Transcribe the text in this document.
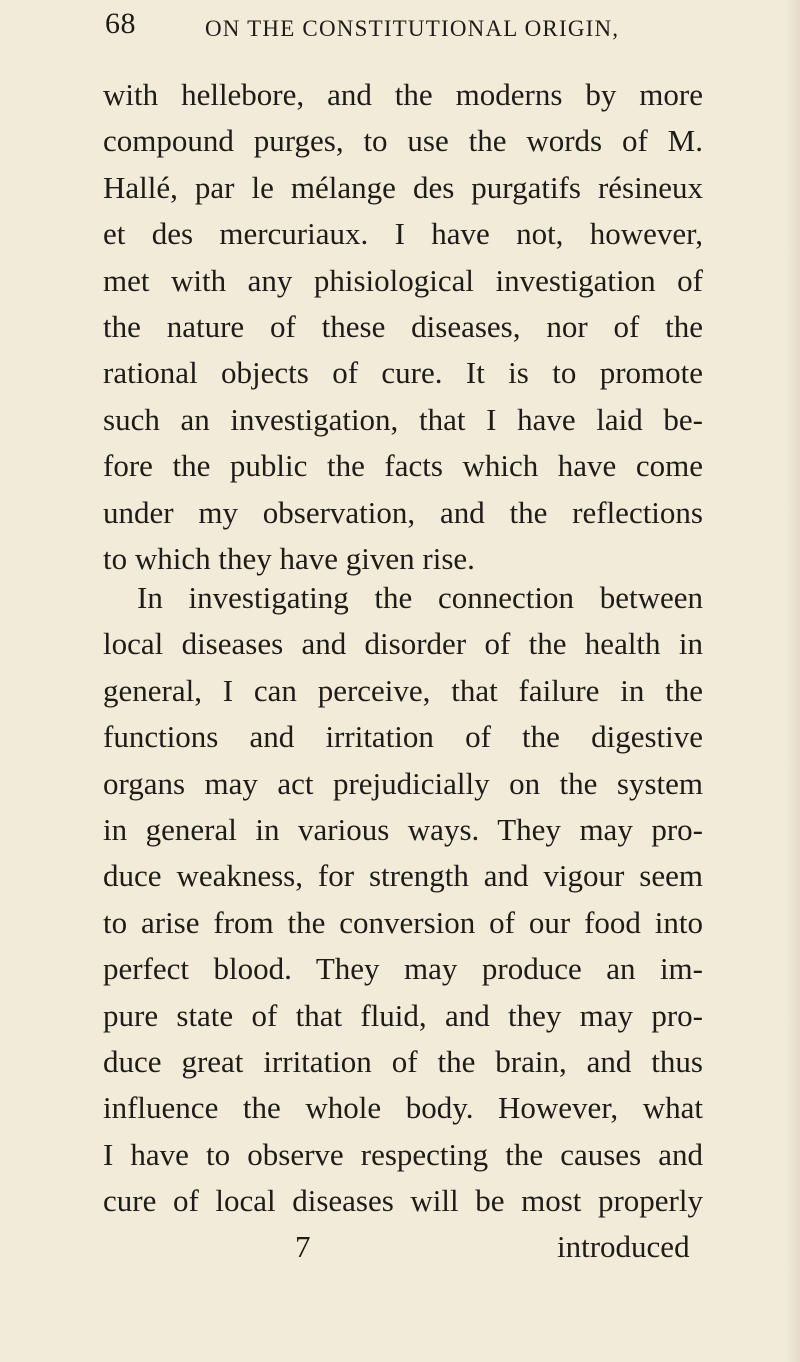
68	ON THE CONSTITUTIONAL ORIGIN,
with hellebore, and the moderns by more
compound purges, to use the words of M.
Hallé, par le mélange des purgatifs résineux
et des mercuriaux. I have not, however,
met with any phisiological investigation of
the nature of these diseases, nor of the
rational objects of cure. It is to promote
such an investigation, that I have laid be-
fore the public the facts which have come
under my observation, and the reflections
to which they have given rise.
In investigating the connection between
local diseases and disorder of the health in
general, I can perceive, that failure in the
functions and irritation of the digestive
organs may act prejudicially on the system
in general in various ways. They may pro-
duce weakness, for strength and vigour seem
to arise from the conversion of our food into
perfect blood. They may produce an im-
pure state of that fluid, and they may pro-
duce great irritation of the brain, and thus
influence the whole body. However, what
I have to observe respecting the causes and
cure of local diseases will be most properly
7	introduced
